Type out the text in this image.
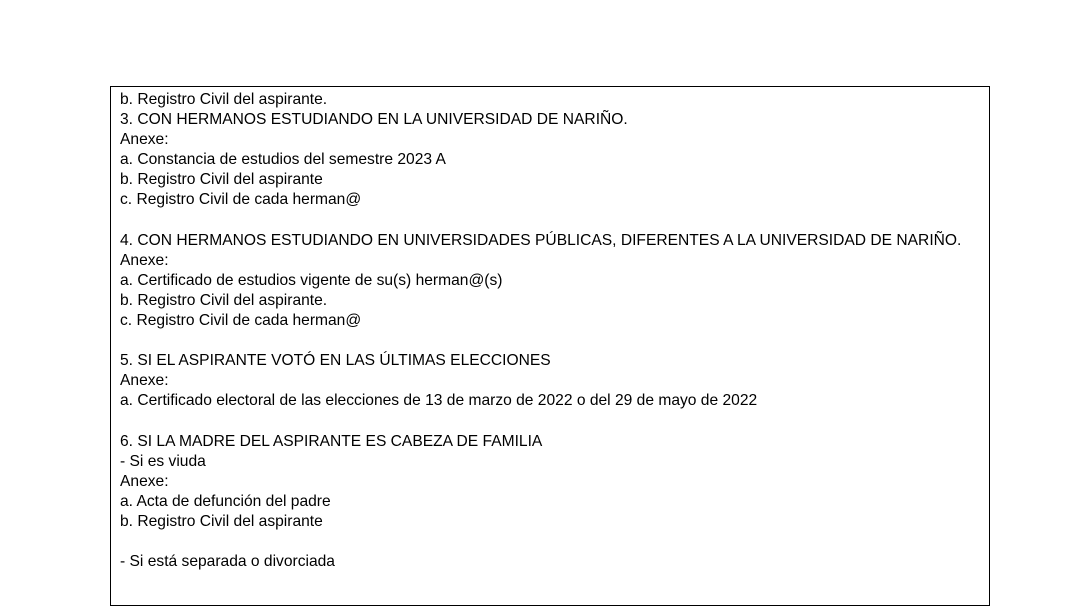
b. Registro Civil del aspirante.
3. CON HERMANOS ESTUDIANDO EN LA UNIVERSIDAD DE NARIÑO.
Anexe:
a. Constancia de estudios del semestre 2023 A
b. Registro Civil del aspirante
c. Registro Civil de cada herman@
4. CON HERMANOS ESTUDIANDO EN UNIVERSIDADES PÚBLICAS, DIFERENTES A LA UNIVERSIDAD DE NARIÑO.
Anexe:
a. Certificado de estudios vigente de su(s) herman@(s)
b. Registro Civil del aspirante.
c. Registro Civil de cada herman@
5. SI EL ASPIRANTE VOTÓ EN LAS ÚLTIMAS ELECCIONES
Anexe:
a. Certificado electoral de las elecciones de 13 de marzo de 2022 o del 29 de mayo de 2022
6. SI LA MADRE DEL ASPIRANTE ES CABEZA DE FAMILIA
- Si es viuda
Anexe:
a. Acta de defunción del padre
b. Registro Civil del aspirante
- Si está separada o divorciada
